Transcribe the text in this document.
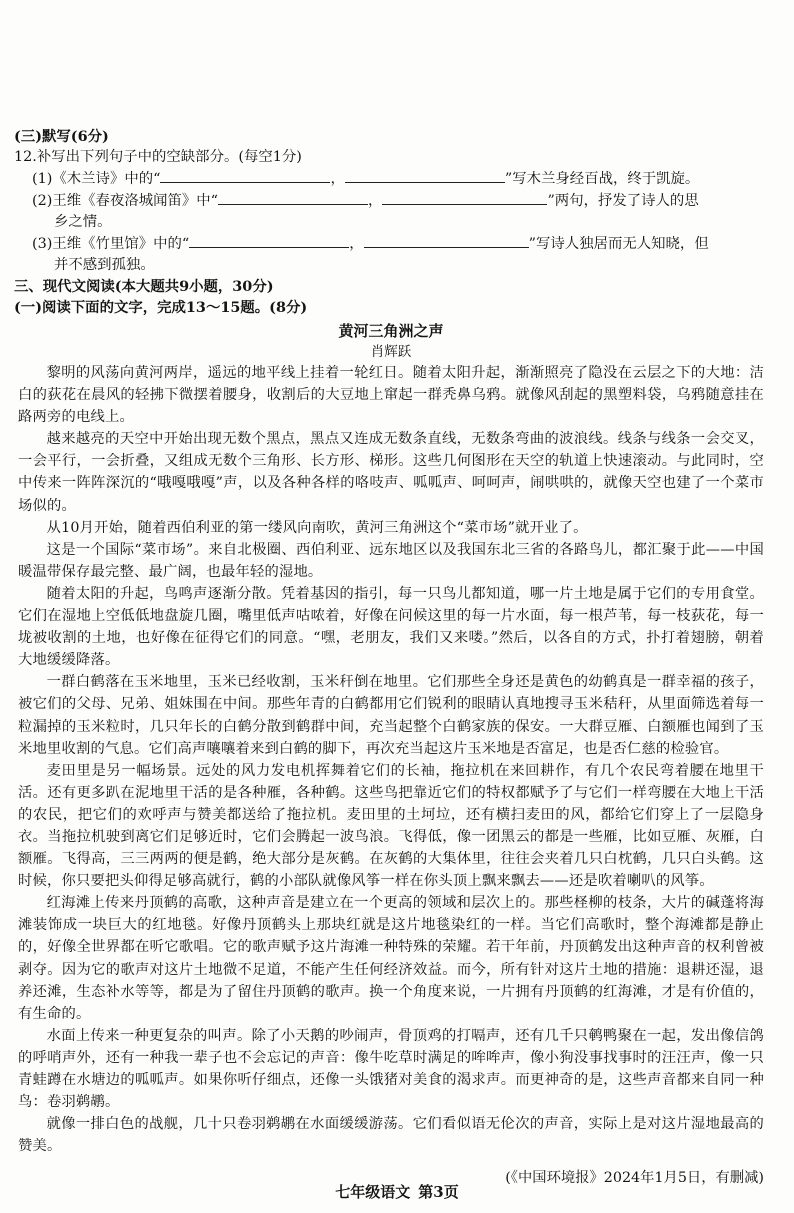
(三)默写(6分)
12.补写出下列句子中的空缺部分。(每空1分)
(1)《木兰诗》中的“	，	”写木兰身经百战，终于凯旋。
(2)王维《春夜洛城闻笛》中“	，	”两句，抒发了诗人的思
乡之情。
(3)王维《竹里馆》中的“	，	”写诗人独居而无人知晓，但
并不感到孤独。
三、现代文阅读(本大题共9小题，30分)
(一)阅读下面的文字，完成13～15题。(8分)
黄河三角洲之声
肖辉跃

黎明的风荡向黄河两岸，遥远的地平线上挂着一轮红日。随着太阳升起，渐渐照亮了隐没在云层之下的大地：洁白的荻花在晨风的轻拂下微摆着腰身，收割后的大豆地上窜起一群秃鼻乌鸦。就像风刮起的黑塑料袋，乌鸦随意挂在路两旁的电线上。

越来越亮的天空中开始出现无数个黑点，黑点又连成无数条直线，无数条弯曲的波浪线。线条与线条一会交叉，一会平行，一会折叠，又组成无数个三角形、长方形、梯形。这些几何图形在天空的轨道上快速滚动。与此同时，空中传来一阵阵深沉的“哦嘎哦嘎”声，以及各种各样的咯吱声、呱呱声、呵呵声，闹哄哄的，就像天空也建了一个菜市场似的。

从10月开始，随着西伯利亚的第一缕风向南吹，黄河三角洲这个“菜市场”就开业了。

这是一个国际“菜市场”。来自北极圈、西伯利亚、远东地区以及我国东北三省的各路鸟儿，都汇聚于此——中国暖温带保存最完整、最广阔，也最年轻的湿地。

随着太阳的升起，鸟鸣声逐渐分散。凭着基因的指引，每一只鸟儿都知道，哪一片土地是属于它们的专用食堂。它们在湿地上空低低地盘旋几圈，嘴里低声咕哝着，好像在问候这里的每一片水面，每一根芦苇，每一枝荻花，每一垅被收割的土地，也好像在征得它们的同意。“嘿，老朋友，我们又来喽。”然后，以各自的方式，扑打着翅膀，朝着大地缓缓降落。

一群白鹤落在玉米地里，玉米已经收割，玉米秆倒在地里。它们那些全身还是黄色的幼鹤真是一群幸福的孩子，被它们的父母、兄弟、姐妹围在中间。那些年青的白鹤都用它们锐利的眼睛认真地搜寻玉米秸秆，从里面筛选着每一粒漏掉的玉米粒时，几只年长的白鹤分散到鹤群中间，充当起整个白鹤家族的保安。一大群豆雁、白额雁也闻到了玉米地里收割的气息。它们高声嚷嚷着来到白鹤的脚下，再次充当起这片玉米地是否富足，也是否仁慈的检验官。

麦田里是另一幅场景。远处的风力发电机挥舞着它们的长袖，拖拉机在来回耕作，有几个农民弯着腰在地里干活。还有更多趴在泥地里干活的是各种雁，各种鹤。这些鸟把靠近它们的特权都赋予了与它们一样弯腰在大地上干活的农民，把它们的欢呼声与赞美都送给了拖拉机。麦田里的土坷垃，还有横扫麦田的风，都给它们穿上了一层隐身衣。当拖拉机驶到离它们足够近时，它们会腾起一波鸟浪。飞得低，像一团黑云的都是一些雁，比如豆雁、灰雁，白额雁。飞得高，三三两两的便是鹤，绝大部分是灰鹤。在灰鹤的大集体里，往往会夹着几只白枕鹤，几只白头鹤。这时候，你只要把头仰得足够高就行，鹤的小部队就像风筝一样在你头顶上飘来飘去——还是吹着喇叭的风筝。

红海滩上传来丹顶鹤的高歌，这种声音是建立在一个更高的领域和层次上的。那些柽柳的枝条，大片的碱蓬将海滩装饰成一块巨大的红地毯。好像丹顶鹤头上那块红就是这片地毯染红的一样。当它们高歌时，整个海滩都是静止的，好像全世界都在听它歌唱。它的歌声赋予这片海滩一种特殊的荣耀。若干年前，丹顶鹤发出这种声音的权利曾被剥夺。因为它的歌声对这片土地微不足道，不能产生任何经济效益。而今，所有针对这片土地的措施：退耕还湿，退养还滩，生态补水等等，都是为了留住丹顶鹤的歌声。换一个角度来说，一片拥有丹顶鹤的红海滩，才是有价值的，有生命的。

水面上传来一种更复杂的叫声。除了小天鹅的吵闹声，骨顶鸡的打嗝声，还有几千只鹌鸭聚在一起，发出像信鸽的呼哨声外，还有一种我一辈子也不会忘记的声音：像牛吃草时满足的哞哞声，像小狗没事找事时的汪汪声，像一只青蛙蹲在水塘边的呱呱声。如果你听仔细点，还像一头饿猪对美食的渴求声。而更神奇的是，这些声音都来自同一种鸟：卷羽鹈鹕。

就像一排白色的战舰，几十只卷羽鹈鹕在水面缓缓游荡。它们看似语无伦次的声音，实际上是对这片湿地最高的赞美。

(《中国环境报》2024年1月5日，有删减)
七年级语文 第3页
